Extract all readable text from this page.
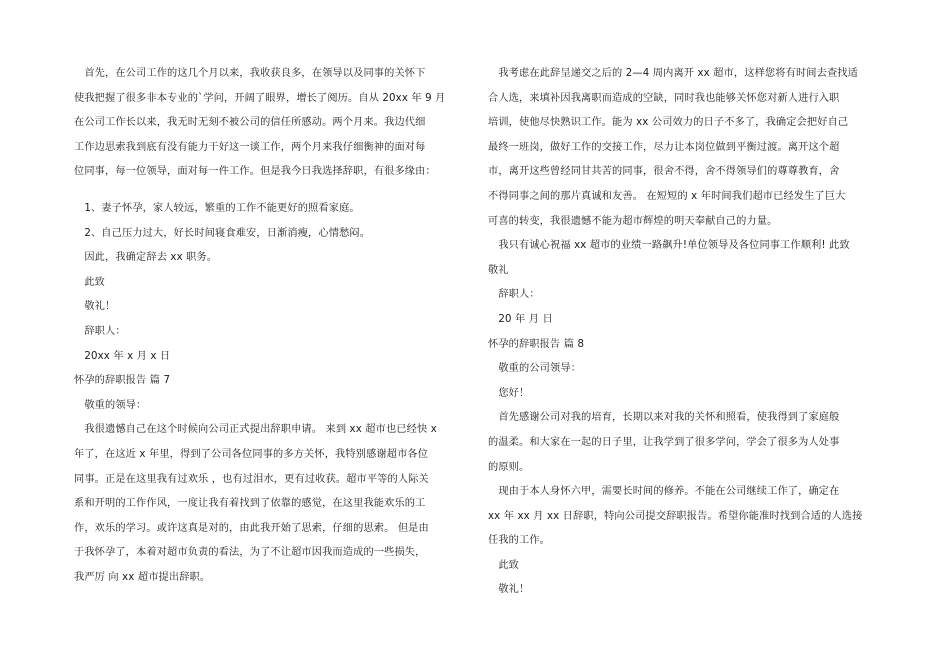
　首先，在公司工作的这几个月以来，我收获良多，在领导以及同事的关怀下
使我把握了很多非本专业的`学问，开阔了眼界，增长了阅历。自从 20xx 年 9 月
在公司工作长以来，我无时无刻不被公司的信任所感动。两个月来。我边代细
工作边思索我到底有没有能力干好这一谈工作，两个月来我仔细衡神的面对每
位同事，每一位领导，面对每一件工作。但是我今日我选择辞职，有很多缘由：
　1、妻子怀孕，家人较远，繁重的工作不能更好的照看家庭。
　2、自己压力过大，好长时间寝食难安，日渐消瘦，心情愁闷。
　因此，我确定辞去 xx 职务。
　此致
　敬礼！
　辞职人：
　20xx 年 x 月 x 日
怀孕的辞职报告 篇 7
　敬重的领导：
　我很遗憾自己在这个时候向公司正式提出辞职申请。 来到 xx 超市也已经快 x
年了，在这近 x 年里，得到了公司各位同事的多方关怀，我特别感谢超市各位
同事。正是在这里我有过欢乐 ，也有过泪水，更有过收获。超市平等的人际关
系和开明的工作作风，一度让我有着找到了依靠的感觉，在这里我能欢乐的工
作，欢乐的学习。或许这真是对的，由此我开始了思索，仔细的思索。 但是由
于我怀孕了，本着对超市负责的看法，为了不让超市因我而造成的一些损失，
我严厉 向 xx 超市提出辞职。
　我考虑在此辞呈递交之后的 2—4 周内离开 xx 超市，这样您将有时间去查找适
合人选，来填补因我离职而造成的空缺，同时我也能够关怀您对新人进行入职
培训，使他尽快熟识工作。能为 xx 公司效力的日子不多了，我确定会把好自己
最终一班岗，做好工作的交接工作，尽力让本岗位做到平衡过渡。离开这个超
市，离开这些曾经同甘共苦的同事，很舍不得，舍不得领导们的尊尊教育，舍
不得同事之间的那片真诚和友善。 在短短的 x 年时间我们超市已经发生了巨大
可喜的转变，我很遗憾不能为超市辉煌的明天奉献自己的力量。
　我只有诚心祝福 xx 超市的业绩一路飙升!单位领导及各位同事工作顺利! 此致
敬礼
　辞职人：
　20 年 月 日
怀孕的辞职报告 篇 8
　敬重的公司领导：
　您好！
　首先感谢公司对我的培育，长期以来对我的关怀和照看，使我得到了家庭般
的温柔。和大家在一起的日子里，让我学到了很多学问，学会了很多为人处事
的原则。
　现由于本人身怀六甲，需要长时间的修养。不能在公司继续工作了，确定在
xx 年 xx 月 xx 日辞职，特向公司提交辞职报告。希望你能准时找到合适的人选接
任我的工作。
　此致
　敬礼！
